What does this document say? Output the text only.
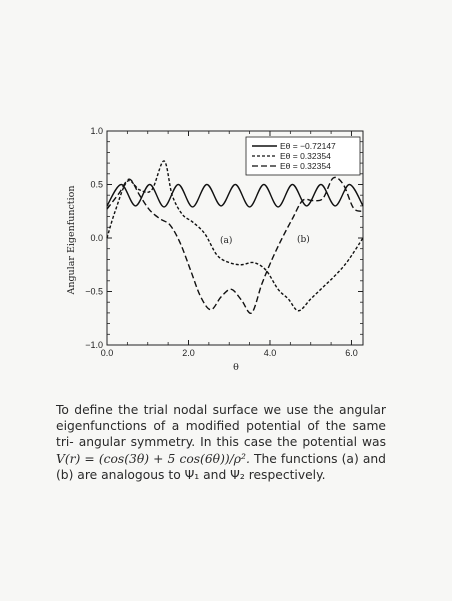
0.0	2.0	4.0	6.0
−1.0
−0.5
0.0
0.5
1.0
θ
Angular Eigenfunction
Eθ = −0.72147
Eθ = 0.32354
Eθ = 0.32354
(a)	(b)
To define the trial nodal surface we use the angular eigenfunctions of a modified potential of the same tri- angular symmetry. In this case the potential was V(r) = (cos(3θ) + 5 cos(6θ))/ρ². The functions (a) and (b) are analogous to Ψ₁ and Ψ₂ respectively.
